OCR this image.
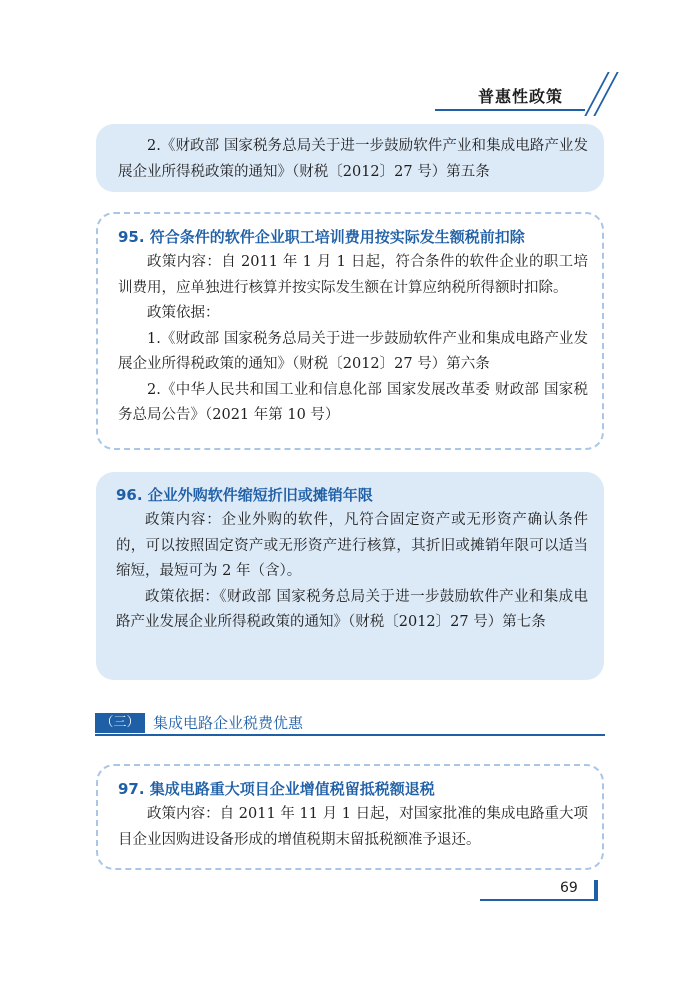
普惠性政策

2.《财政部 国家税务总局关于进一步鼓励软件产业和集成电路产业发展企业所得税政策的通知》（财税〔2012〕27 号）第五条

95. 符合条件的软件企业职工培训费用按实际发生额税前扣除

政策内容：自 2011 年 1 月 1 日起，符合条件的软件企业的职工培训费用，应单独进行核算并按实际发生额在计算应纳税所得额时扣除。

政策依据：

1.《财政部 国家税务总局关于进一步鼓励软件产业和集成电路产业发展企业所得税政策的通知》（财税〔2012〕27 号）第六条

2.《中华人民共和国工业和信息化部 国家发展改革委 财政部 国家税务总局公告》（2021 年第 10 号）

96. 企业外购软件缩短折旧或摊销年限

政策内容：企业外购的软件，凡符合固定资产或无形资产确认条件的，可以按照固定资产或无形资产进行核算，其折旧或摊销年限可以适当缩短，最短可为 2 年（含）。

政策依据：《财政部 国家税务总局关于进一步鼓励软件产业和集成电路产业发展企业所得税政策的通知》（财税〔2012〕27 号）第七条

（三） 集成电路企业税费优惠
97. 集成电路重大项目企业增值税留抵税额退税

政策内容：自 2011 年 11 月 1 日起，对国家批准的集成电路重大项目企业因购进设备形成的增值税期末留抵税额准予退还。

69
